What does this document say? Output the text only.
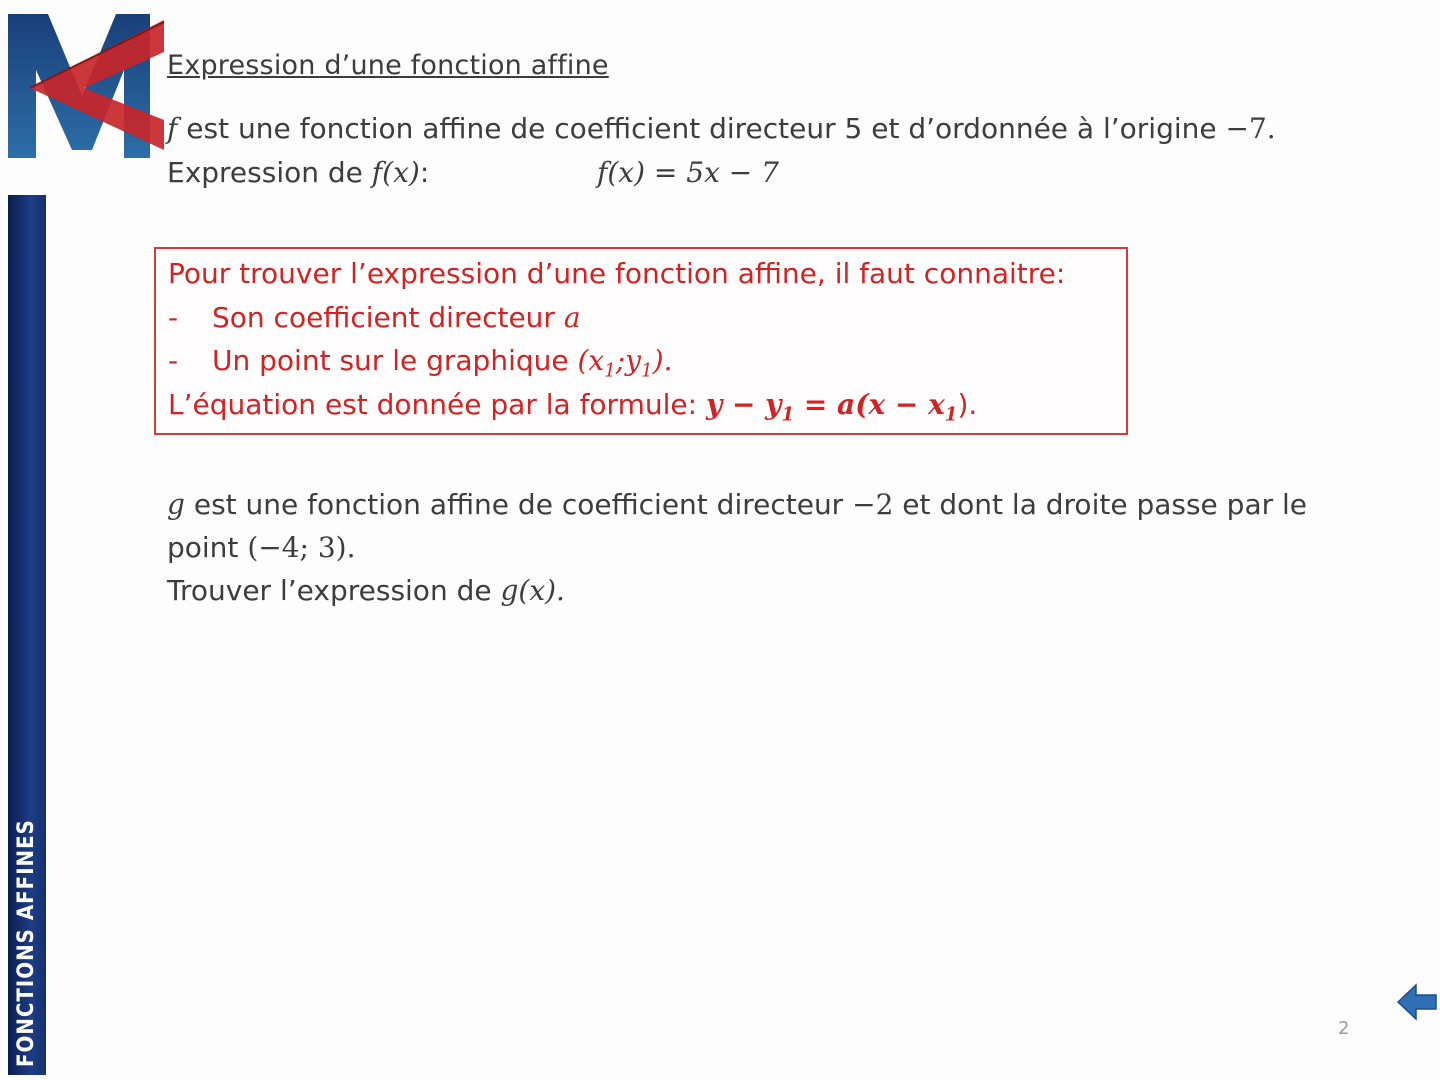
FONCTIONS AFFINES
Expression d’une fonction affine
f est une fonction affine de coefficient directeur 5 et d’ordonnée à l’origine −7.
Expression de f(x):	f(x) = 5x − 7
Pour trouver l’expression d’une fonction affine, il faut connaitre:
- Son coefficient directeur a
- Un point sur le graphique $(x_1;y_1)$.
L’équation est donnée par la formule: $y - y_1 = a(x - x_1)$.
g est une fonction affine de coefficient directeur −2 et dont la droite passe par le
point (−4; 3).
Trouver l’expression de g(x).
2
